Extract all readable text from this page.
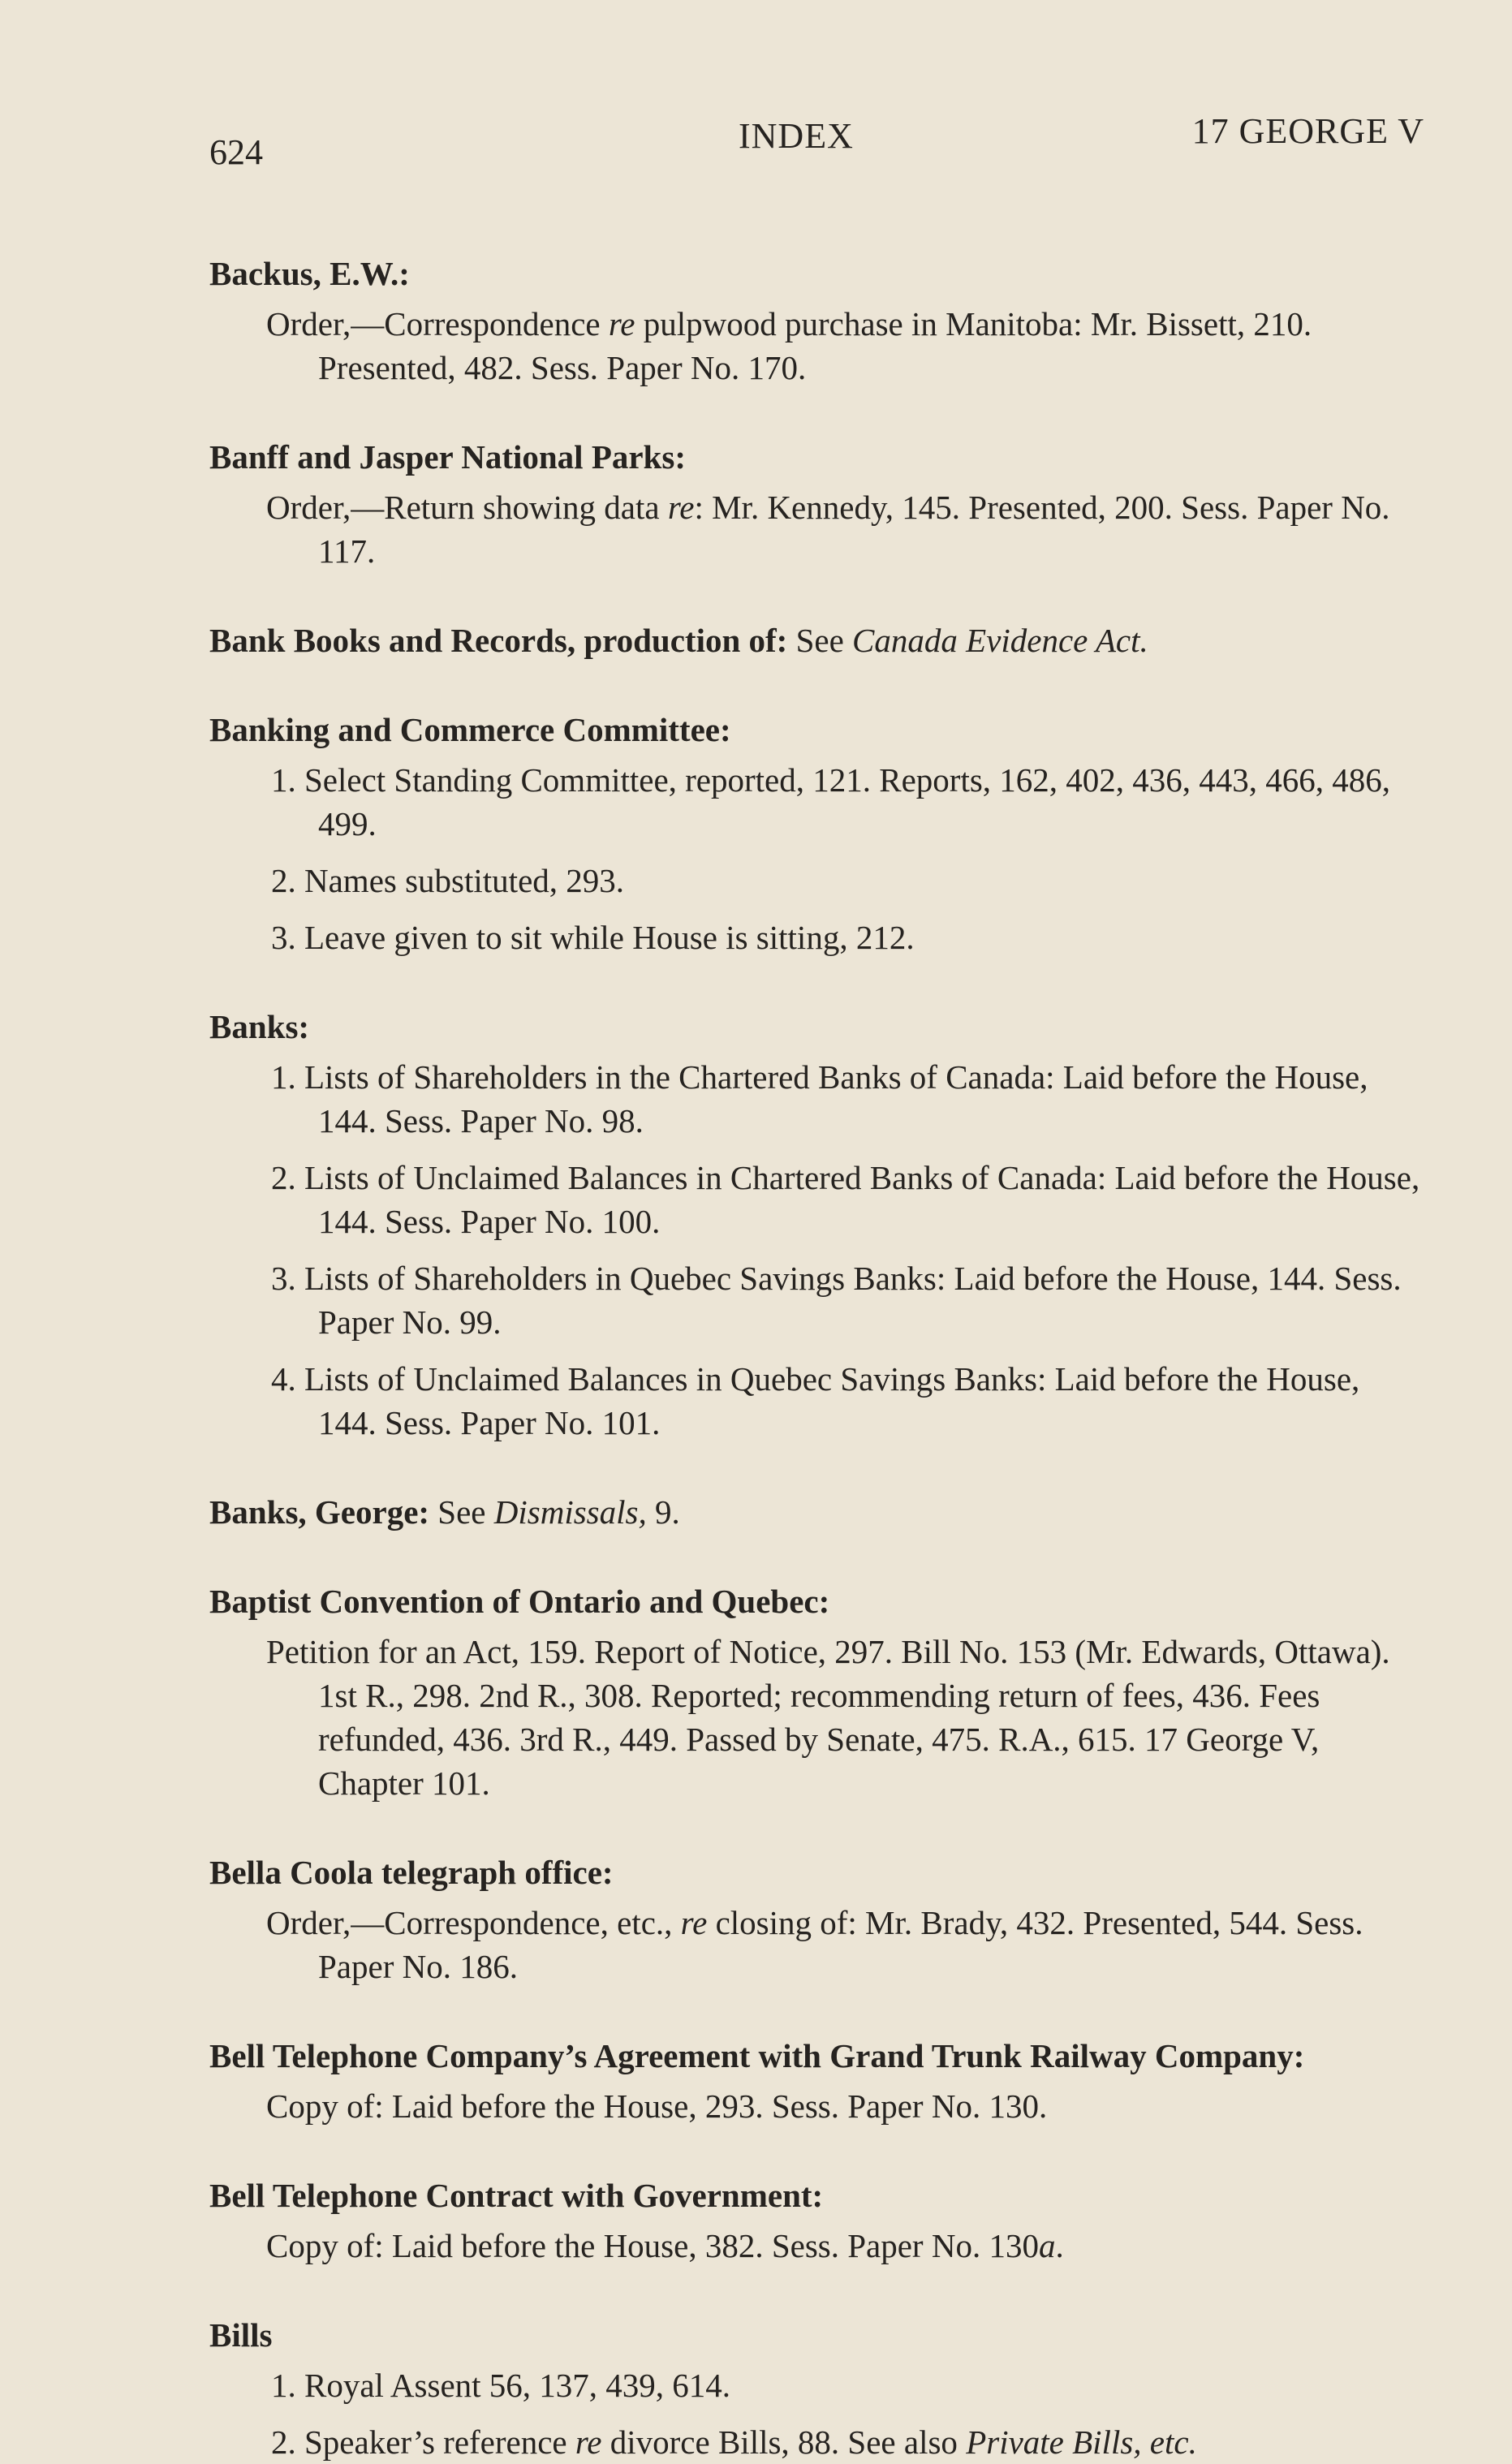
624	INDEX	17 GEORGE V
Backus, E.W.:
Order,—Correspondence re pulpwood purchase in Manitoba: Mr. Bissett, 210. Presented, 482. Sess. Paper No. 170.
Banff and Jasper National Parks:
Order,—Return showing data re: Mr. Kennedy, 145. Presented, 200. Sess. Paper No. 117.
Bank Books and Records, production of: See Canada Evidence Act.
Banking and Commerce Committee:
1. Select Standing Committee, reported, 121. Reports, 162, 402, 436, 443, 466, 486, 499.
2. Names substituted, 293.
3. Leave given to sit while House is sitting, 212.
Banks:
1. Lists of Shareholders in the Chartered Banks of Canada: Laid before the House, 144. Sess. Paper No. 98.
2. Lists of Unclaimed Balances in Chartered Banks of Canada: Laid before the House, 144. Sess. Paper No. 100.
3. Lists of Shareholders in Quebec Savings Banks: Laid before the House, 144. Sess. Paper No. 99.
4. Lists of Unclaimed Balances in Quebec Savings Banks: Laid before the House, 144. Sess. Paper No. 101.
Banks, George: See Dismissals, 9.
Baptist Convention of Ontario and Quebec:
Petition for an Act, 159. Report of Notice, 297. Bill No. 153 (Mr. Edwards, Ottawa). 1st R., 298. 2nd R., 308. Reported; recommending return of fees, 436. Fees refunded, 436. 3rd R., 449. Passed by Senate, 475. R.A., 615. 17 George V, Chapter 101.
Bella Coola telegraph office:
Order,—Correspondence, etc., re closing of: Mr. Brady, 432. Presented, 544. Sess. Paper No. 186.
Bell Telephone Company’s Agreement with Grand Trunk Railway Company:
Copy of: Laid before the House, 293. Sess. Paper No. 130.
Bell Telephone Contract with Government:
Copy of: Laid before the House, 382. Sess. Paper No. 130a.
Bills
1. Royal Assent 56, 137, 439, 614.
2. Speaker’s reference re divorce Bills, 88. See also Private Bills, etc.
